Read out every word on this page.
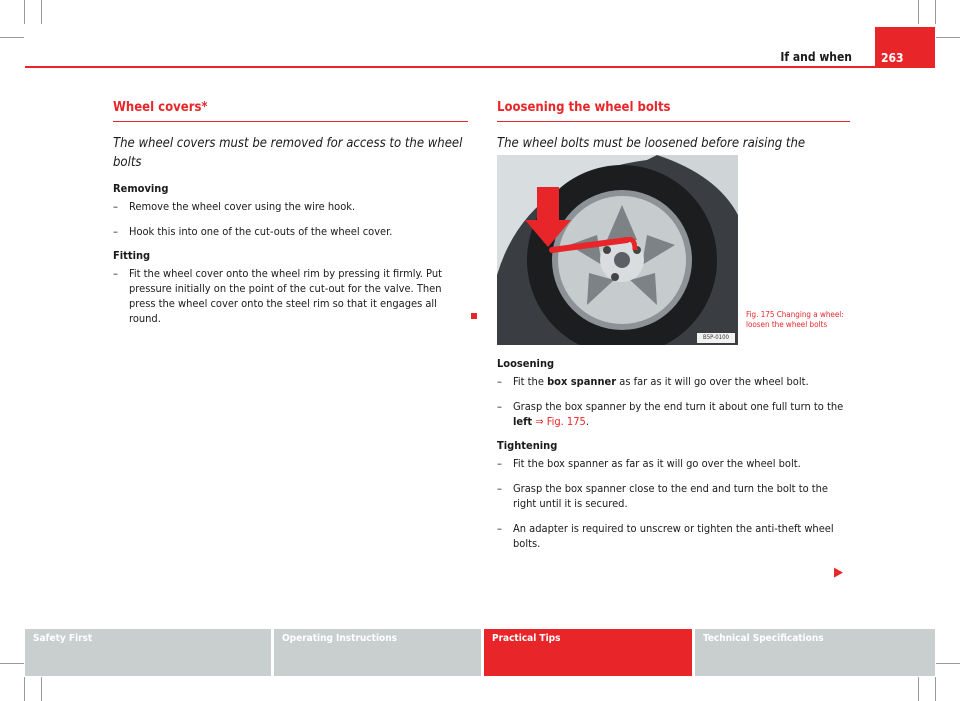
If and when	263
Wheel covers*
The wheel covers must be removed for access to the wheel bolts
Removing
– Remove the wheel cover using the wire hook.
– Hook this into one of the cut-outs of the wheel cover.
Fitting
– Fit the wheel cover onto the wheel rim by pressing it firmly. Put pressure initially on the point of the cut-out for the valve. Then press the wheel cover onto the steel rim so that it engages all round.
Loosening the wheel bolts
The wheel bolts must be loosened before raising the
B5P-0100
Fig. 175 Changing a wheel: loosen the wheel bolts
Loosening
– Fit the box spanner as far as it will go over the wheel bolt.
– Grasp the box spanner by the end turn it about one full turn to the left ⇒ Fig. 175.
Tightening
– Fit the box spanner as far as it will go over the wheel bolt.
– Grasp the box spanner close to the end and turn the bolt to the right until it is secured.
– An adapter is required to unscrew or tighten the anti-theft wheel bolts.
▶
Safety First	Operating Instructions	Practical Tips	Technical Specifications
